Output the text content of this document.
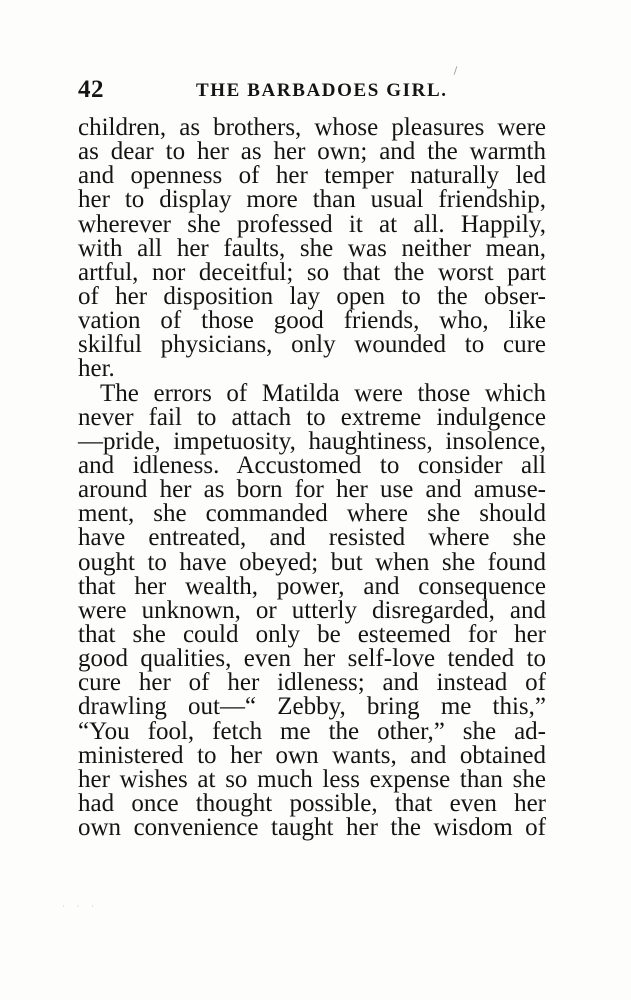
42	THE BARBADOES GIRL.
children, as brothers, whose pleasures were
as dear to her as her own; and the warmth
and openness of her temper naturally led
her to display more than usual friendship,
wherever she professed it at all. Happily,
with all her faults, she was neither mean,
artful, nor deceitful; so that the worst part
of her disposition lay open to the obser-
vation of those good friends, who, like
skilful physicians, only wounded to cure
her.
The errors of Matilda were those which
never fail to attach to extreme indulgence
—pride, impetuosity, haughtiness, insolence,
and idleness. Accustomed to consider all
around her as born for her use and amuse-
ment, she commanded where she should
have entreated, and resisted where she
ought to have obeyed; but when she found
that her wealth, power, and consequence
were unknown, or utterly disregarded, and
that she could only be esteemed for her
good qualities, even her self-love tended to
cure her of her idleness; and instead of
drawling out—“ Zebby, bring me this,”
“You fool, fetch me the other,” she ad-
ministered to her own wants, and obtained
her wishes at so much less expense than she
had once thought possible, that even her
own convenience taught her the wisdom of
· · ·
